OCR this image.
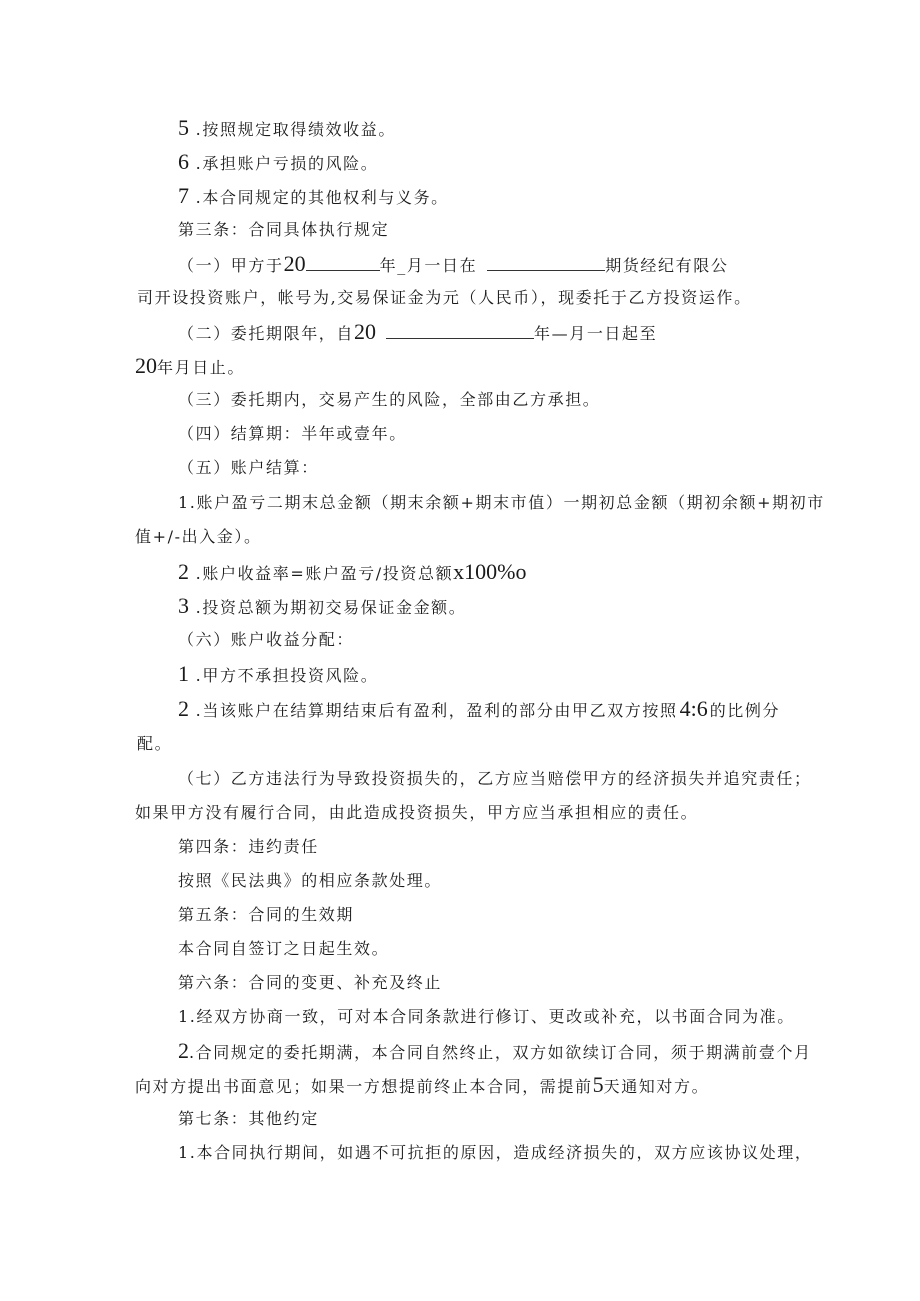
5 .按照规定取得绩效收益。
6 .承担账户亏损的风险。
7 .本合同规定的其他权利与义务。
第三条：合同具体执行规定
（一）甲方于20	年_月一日在	期货经纪有限公
司开设投资账户，帐号为,交易保证金为元（人民币），现委托于乙方投资运作。
（二）委托期限年，自20	年—月一日起至
20年月日止。
（三）委托期内，交易产生的风险，全部由乙方承担。
（四）结算期：半年或壹年。
（五）账户结算：
1.账户盈亏二期末总金额（期末余额+期末市值）一期初总金额（期初余额+期初市
值+/-出入金）。
2 .账户收益率=账户盈亏/投资总额x100%o
3 .投资总额为期初交易保证金金额。
（六）账户收益分配：
1 .甲方不承担投资风险。
2 .当该账户在结算期结束后有盈利，盈利的部分由甲乙双方按照4:6 的比例分
配。
（七）乙方违法行为导致投资损失的，乙方应当赔偿甲方的经济损失并追究责任；
如果甲方没有履行合同，由此造成投资损失，甲方应当承担相应的责任。
第四条：违约责任
按照《民法典》的相应条款处理。
第五条：合同的生效期
本合同自签订之日起生效。
第六条：合同的变更、补充及终止
1.经双方协商一致，可对本合同条款进行修订、更改或补充，以书面合同为准。
2.合同规定的委托期满，本合同自然终止，双方如欲续订合同，须于期满前壹个月
向对方提出书面意见；如果一方想提前终止本合同，需提前5天通知对方。
第七条：其他约定
1.本合同执行期间，如遇不可抗拒的原因，造成经济损失的，双方应该协议处理，
